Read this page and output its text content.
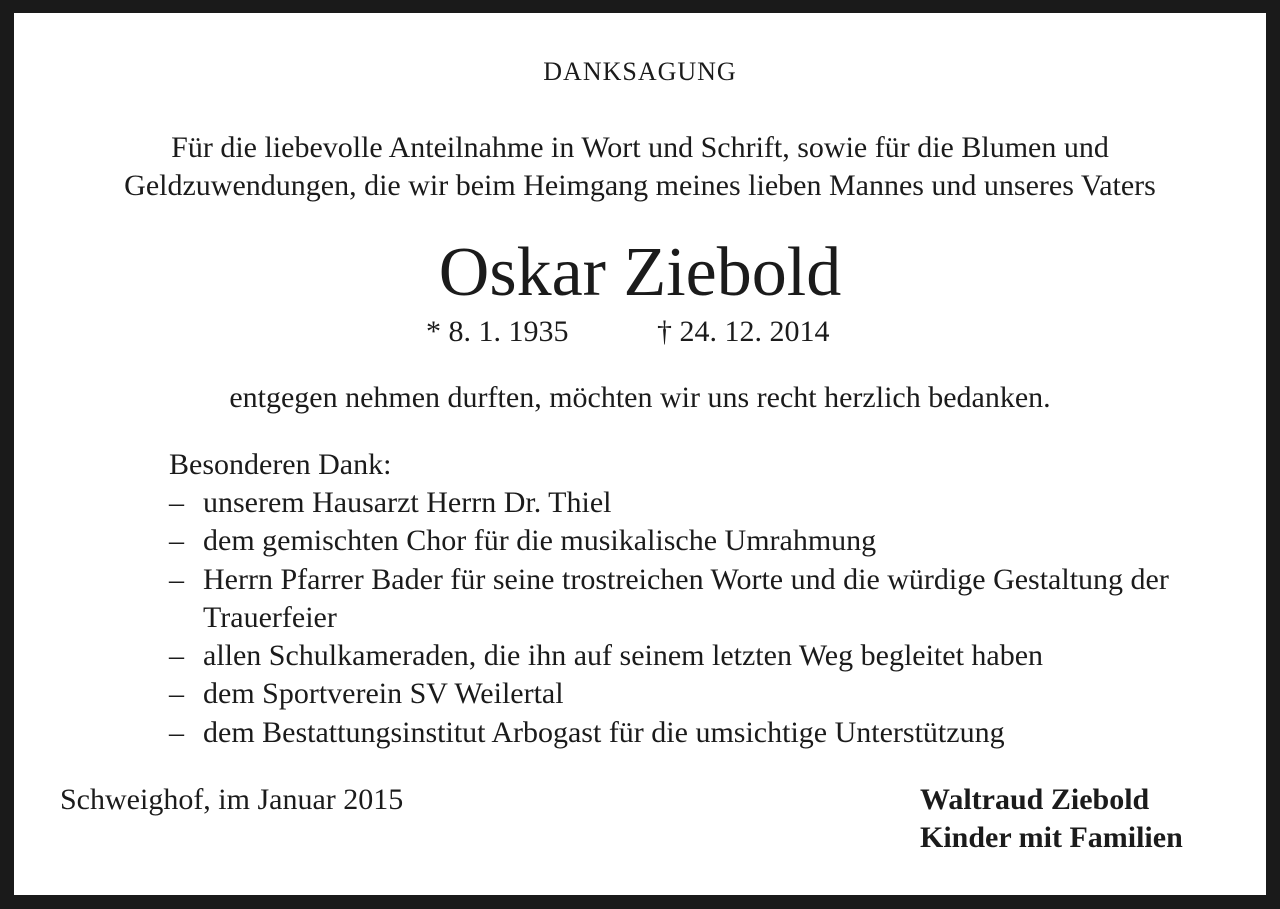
DANKSAGUNG
Für die liebevolle Anteilnahme in Wort und Schrift, sowie für die Blumen und
Geldzuwendungen, die wir beim Heimgang meines lieben Mannes und unseres Vaters
Oskar Ziebold
* 8. 1. 1935	† 24. 12. 2014
entgegen nehmen durften, möchten wir uns recht herzlich bedanken.
Besonderen Dank:
– unserem Hausarzt Herrn Dr. Thiel
– dem gemischten Chor für die musikalische Umrahmung
– Herrn Pfarrer Bader für seine trostreichen Worte und die würdige Gestaltung der Trauerfeier
– allen Schulkameraden, die ihn auf seinem letzten Weg begleitet haben
– dem Sportverein SV Weilertal
– dem Bestattungsinstitut Arbogast für die umsichtige Unterstützung
Schweighof, im Januar 2015	Waltraud Ziebold
Kinder mit Familien
